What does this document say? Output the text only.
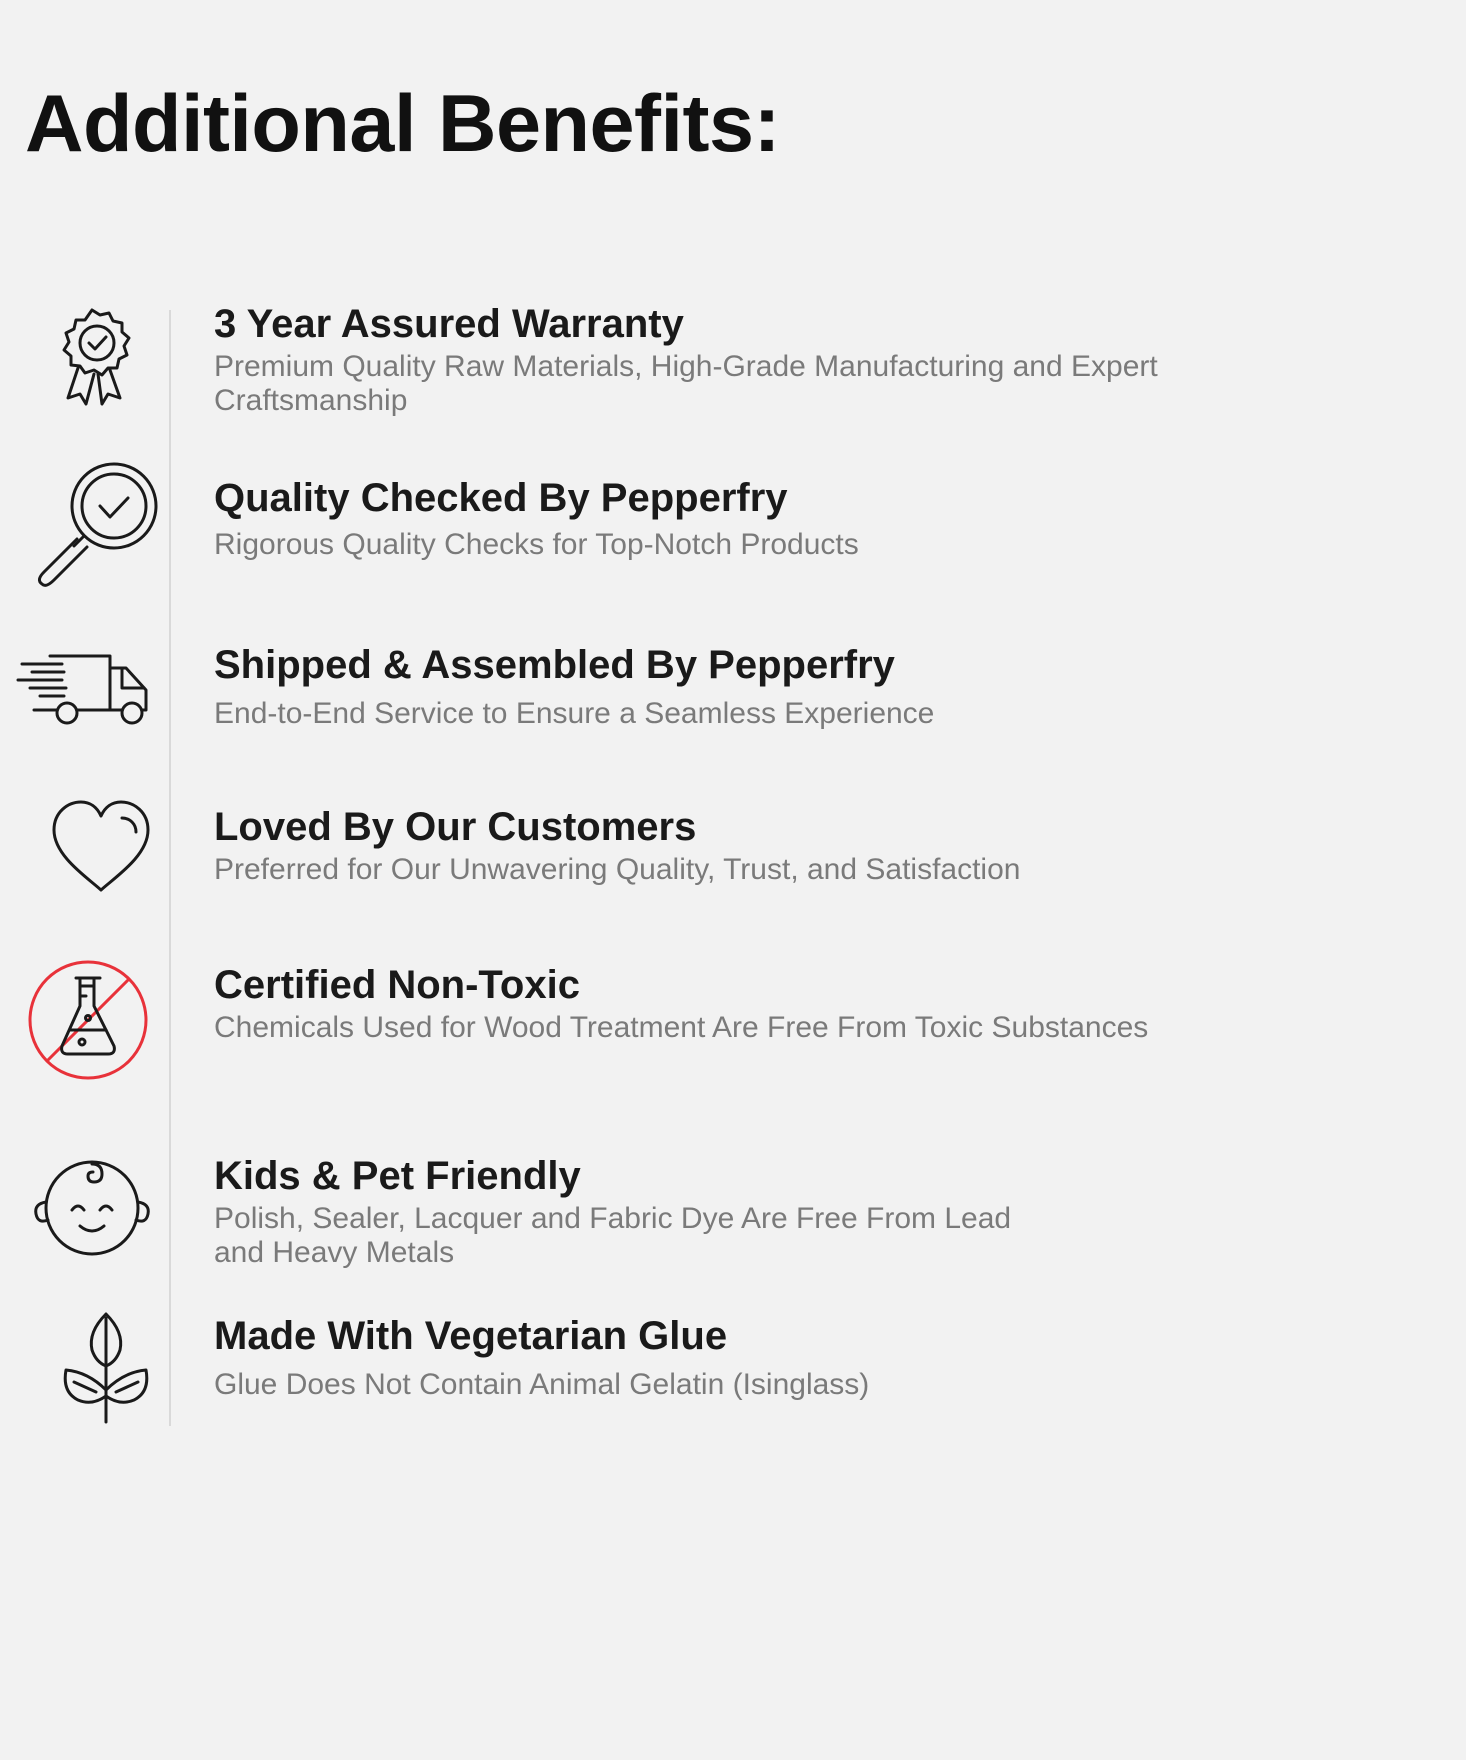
Additional Benefits:
3 Year Assured Warranty
Premium Quality Raw Materials, High-Grade Manufacturing and Expert Craftsmanship
Quality Checked By Pepperfry
Rigorous Quality Checks for Top-Notch Products
Shipped & Assembled By Pepperfry
End-to-End Service to Ensure a Seamless Experience
Loved By Our Customers
Preferred for Our Unwavering Quality, Trust, and Satisfaction
Certified Non-Toxic
Chemicals Used for Wood Treatment Are Free From Toxic Substances
Kids & Pet Friendly
Polish, Sealer, Lacquer and Fabric Dye Are Free From Lead and Heavy Metals
Made With Vegetarian Glue
Glue Does Not Contain Animal Gelatin (Isinglass)
